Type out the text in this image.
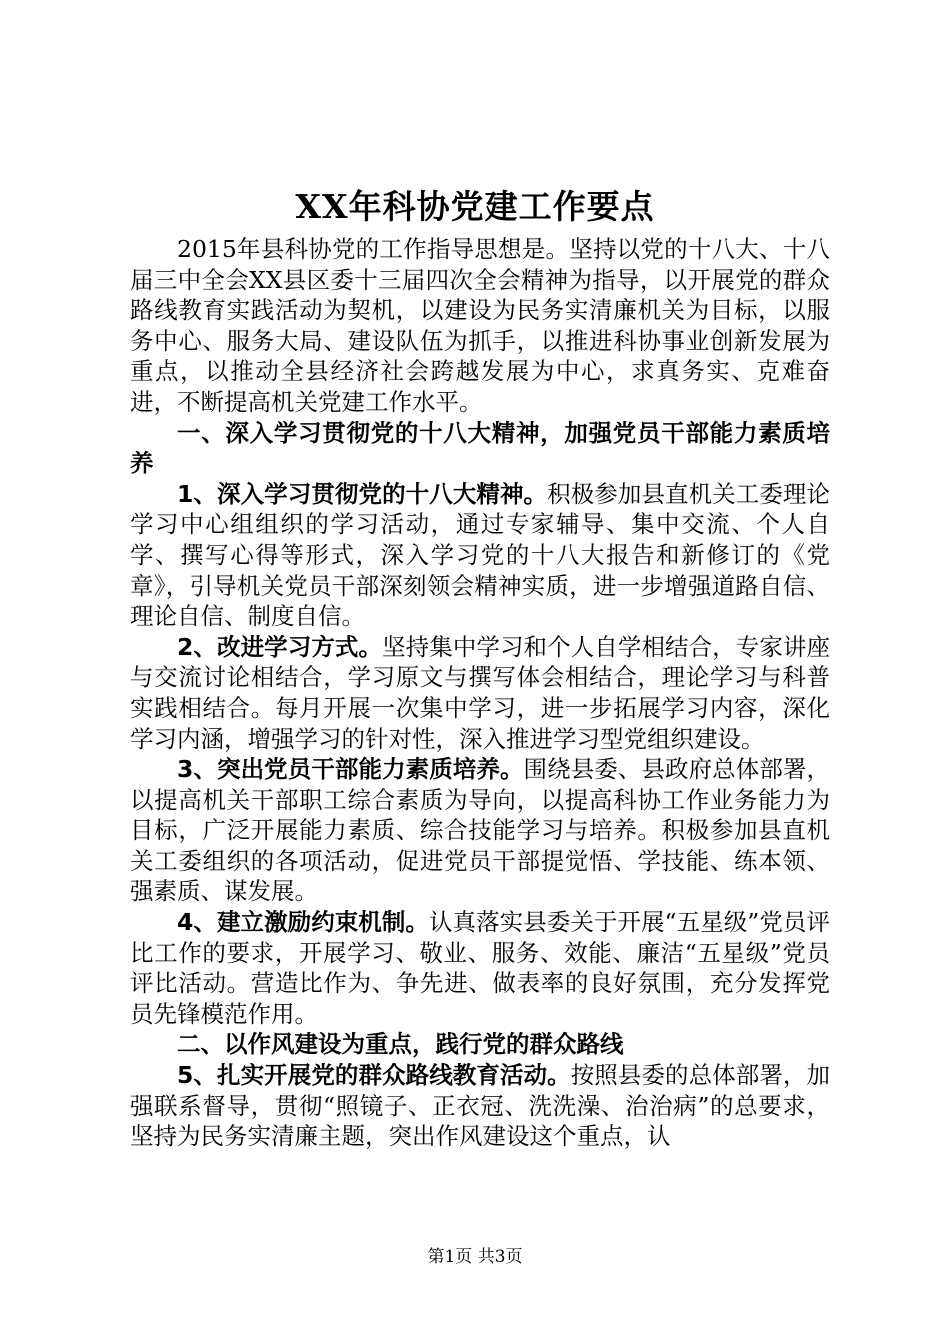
XX年科协党建工作要点

2015年县科协党的工作指导思想是。坚持以党的十八大、十八届三中全会XX县区委十三届四次全会精神为指导，以开展党的群众路线教育实践活动为契机，以建设为民务实清廉机关为目标，以服务中心、服务大局、建设队伍为抓手，以推进科协事业创新发展为重点，以推动全县经济社会跨越发展为中心，求真务实、克难奋进，不断提高机关党建工作水平。

一、深入学习贯彻党的十八大精神，加强党员干部能力素质培养

1、深入学习贯彻党的十八大精神。积极参加县直机关工委理论学习中心组组织的学习活动，通过专家辅导、集中交流、个人自学、撰写心得等形式，深入学习党的十八大报告和新修订的《党章》，引导机关党员干部深刻领会精神实质，进一步增强道路自信、理论自信、制度自信。

2、改进学习方式。坚持集中学习和个人自学相结合，专家讲座与交流讨论相结合，学习原文与撰写体会相结合，理论学习与科普实践相结合。每月开展一次集中学习，进一步拓展学习内容，深化学习内涵，增强学习的针对性，深入推进学习型党组织建设。

3、突出党员干部能力素质培养。围绕县委、县政府总体部署，以提高机关干部职工综合素质为导向，以提高科协工作业务能力为目标，广泛开展能力素质、综合技能学习与培养。积极参加县直机关工委组织的各项活动，促进党员干部提觉悟、学技能、练本领、强素质、谋发展。

4、建立激励约束机制。认真落实县委关于开展“五星级”党员评比工作的要求，开展学习、敬业、服务、效能、廉洁“五星级”党员评比活动。营造比作为、争先进、做表率的良好氛围，充分发挥党员先锋模范作用。

二、以作风建设为重点，践行党的群众路线

5、扎实开展党的群众路线教育活动。按照县委的总体部署，加强联系督导，贯彻“照镜子、正衣冠、洗洗澡、治治病”的总要求，坚持为民务实清廉主题，突出作风建设这个重点，认

第1页 共3页
